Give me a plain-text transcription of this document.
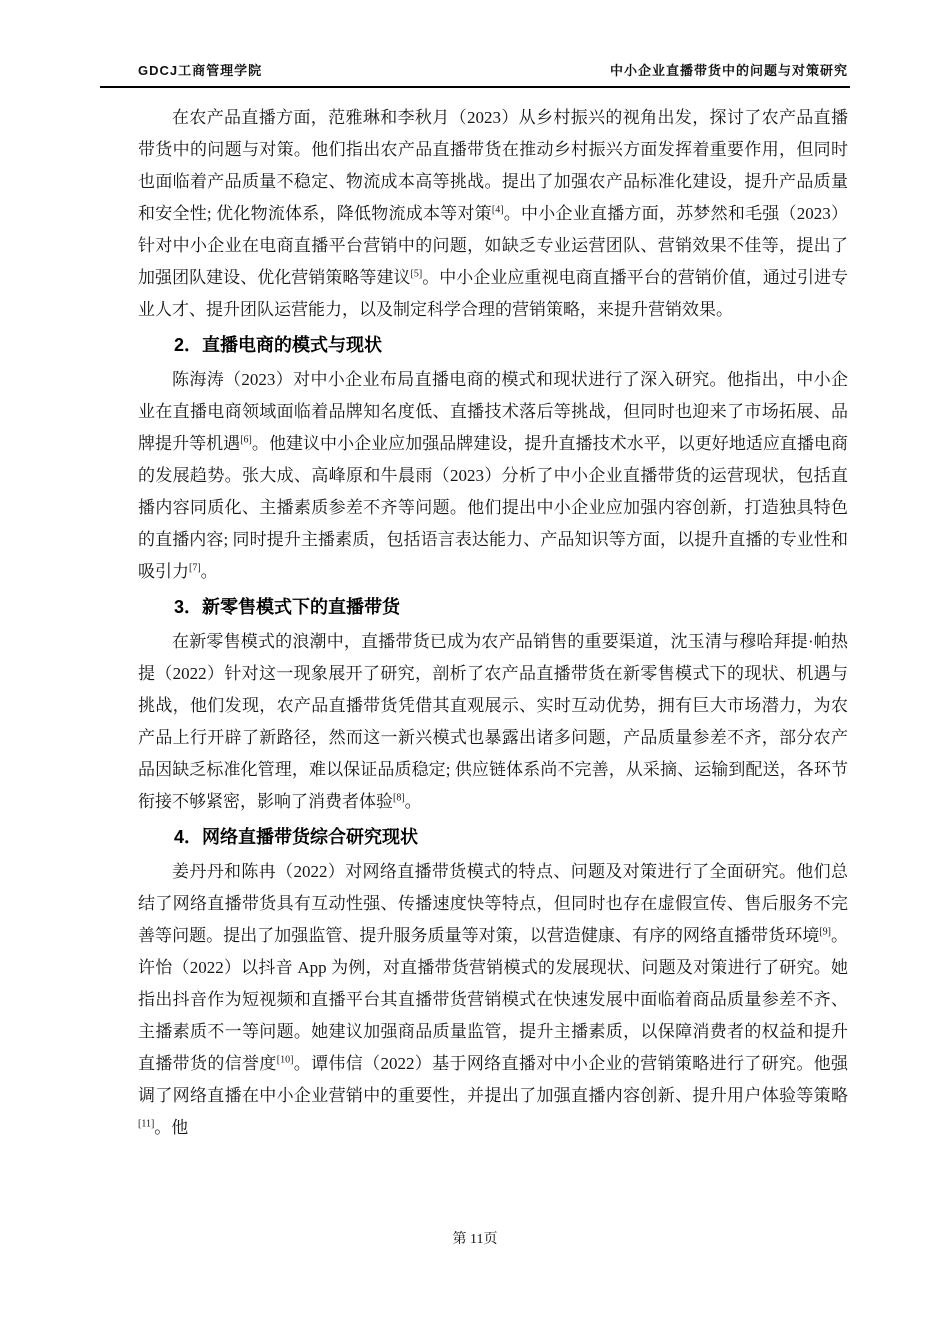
GDCJ工商管理学院	中小企业直播带货中的问题与对策研究

在农产品直播方面，范雅琳和李秋月（2023）从乡村振兴的视角出发，探讨了农产品直播带货中的问题与对策。他们指出农产品直播带货在推动乡村振兴方面发挥着重要作用，但同时也面临着产品质量不稳定、物流成本高等挑战。提出了加强农产品标准化建设，提升产品质量和安全性; 优化物流体系，降低物流成本等对策[4]。中小企业直播方面，苏梦然和毛强（2023）针对中小企业在电商直播平台营销中的问题，如缺乏专业运营团队、营销效果不佳等，提出了加强团队建设、优化营销策略等建议[5]。中小企业应重视电商直播平台的营销价值，通过引进专业人才、提升团队运营能力，以及制定科学合理的营销策略，来提升营销效果。

2．直播电商的模式与现状

陈海涛（2023）对中小企业布局直播电商的模式和现状进行了深入研究。他指出，中小企业在直播电商领域面临着品牌知名度低、直播技术落后等挑战，但同时也迎来了市场拓展、品牌提升等机遇[6]。他建议中小企业应加强品牌建设，提升直播技术水平，以更好地适应直播电商的发展趋势。张大成、高峰原和牛晨雨（2023）分析了中小企业直播带货的运营现状，包括直播内容同质化、主播素质参差不齐等问题。他们提出中小企业应加强内容创新，打造独具特色的直播内容; 同时提升主播素质，包括语言表达能力、产品知识等方面，以提升直播的专业性和吸引力[7]。

3．新零售模式下的直播带货

在新零售模式的浪潮中，直播带货已成为农产品销售的重要渠道，沈玉清与穆哈拜提·帕热提（2022）针对这一现象展开了研究，剖析了农产品直播带货在新零售模式下的现状、机遇与挑战，他们发现，农产品直播带货凭借其直观展示、实时互动优势，拥有巨大市场潜力，为农产品上行开辟了新路径，然而这一新兴模式也暴露出诸多问题，产品质量参差不齐，部分农产品因缺乏标准化管理，难以保证品质稳定; 供应链体系尚不完善，从采摘、运输到配送，各环节衔接不够紧密，影响了消费者体验[8]。

4．网络直播带货综合研究现状

姜丹丹和陈冉（2022）对网络直播带货模式的特点、问题及对策进行了全面研究。他们总结了网络直播带货具有互动性强、传播速度快等特点，但同时也存在虚假宣传、售后服务不完善等问题。提出了加强监管、提升服务质量等对策，以营造健康、有序的网络直播带货环境[9]。许怡（2022）以抖音 App 为例，对直播带货营销模式的发展现状、问题及对策进行了研究。她指出抖音作为短视频和直播平台其直播带货营销模式在快速发展中面临着商品质量参差不齐、主播素质不一等问题。她建议加强商品质量监管，提升主播素质，以保障消费者的权益和提升直播带货的信誉度[10]。谭伟信（2022）基于网络直播对中小企业的营销策略进行了研究。他强调了网络直播在中小企业营销中的重要性，并提出了加强直播内容创新、提升用户体验等策略[11]。他

第 11页
